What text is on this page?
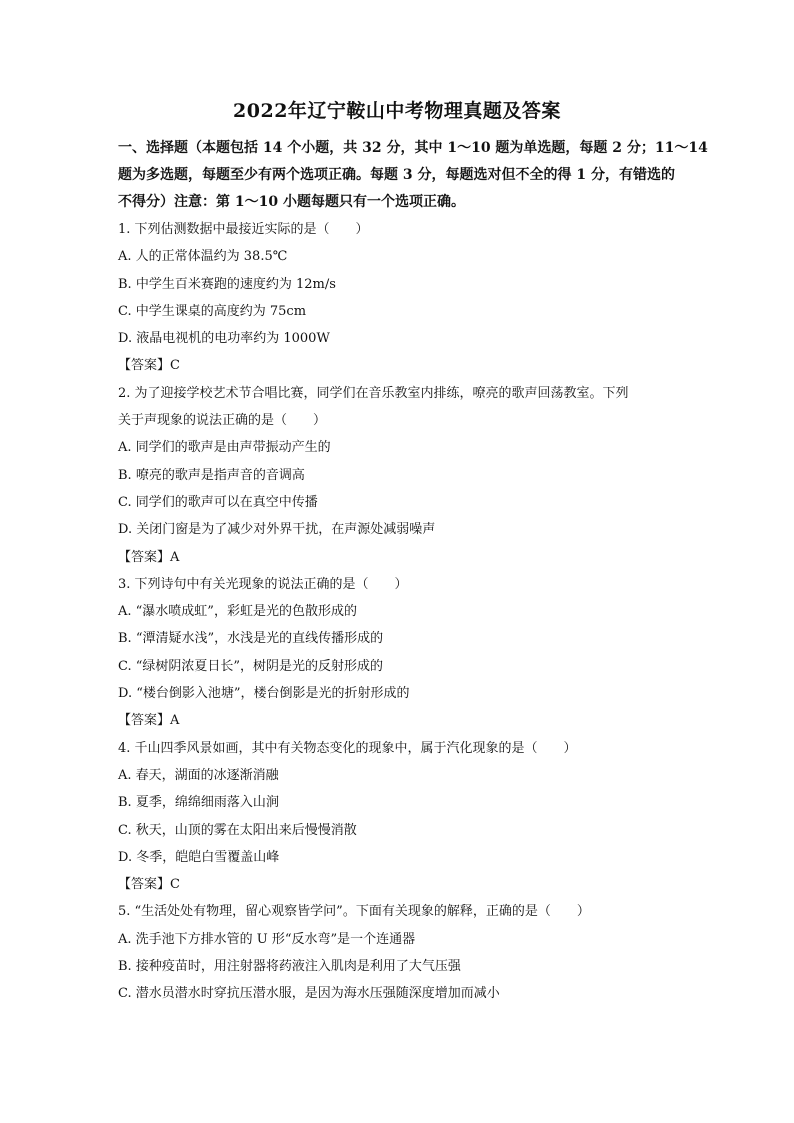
2022年辽宁鞍山中考物理真题及答案
一、选择题（本题包括 14 个小题，共 32 分，其中 1～10 题为单选题，每题 2 分；11～14
题为多选题，每题至少有两个选项正确。每题 3 分，每题选对但不全的得 1 分，有错选的
不得分）注意：第 1～10 小题每题只有一个选项正确。
1. 下列估测数据中最接近实际的是（　　）
A. 人的正常体温约为 38.5℃
B. 中学生百米赛跑的速度约为 12m/s
C. 中学生课桌的高度约为 75cm
D. 液晶电视机的电功率约为 1000W
【答案】C
2. 为了迎接学校艺术节合唱比赛，同学们在音乐教室内排练，嘹亮的歌声回荡教室。下列
关于声现象的说法正确的是（　　）
A. 同学们的歌声是由声带振动产生的
B. 嘹亮的歌声是指声音的音调高
C. 同学们的歌声可以在真空中传播
D. 关闭门窗是为了减少对外界干扰，在声源处减弱噪声
【答案】A
3. 下列诗句中有关光现象的说法正确的是（　　）
A. “瀑水喷成虹”，彩虹是光的色散形成的
B. “潭清疑水浅”，水浅是光的直线传播形成的
C. “绿树阴浓夏日长”，树阴是光的反射形成的
D. “楼台倒影入池塘”，楼台倒影是光的折射形成的
【答案】A
4. 千山四季风景如画，其中有关物态变化的现象中，属于汽化现象的是（　　）
A. 春天，湖面的冰逐渐消融
B. 夏季，绵绵细雨落入山涧
C. 秋天，山顶的雾在太阳出来后慢慢消散
D. 冬季，皑皑白雪覆盖山峰
【答案】C
5. “生活处处有物理，留心观察皆学问”。下面有关现象的解释，正确的是（　　）
A. 洗手池下方排水管的 U 形“反水弯”是一个连通器
B. 接种疫苗时，用注射器将药液注入肌肉是利用了大气压强
C. 潜水员潜水时穿抗压潜水服，是因为海水压强随深度增加而减小
